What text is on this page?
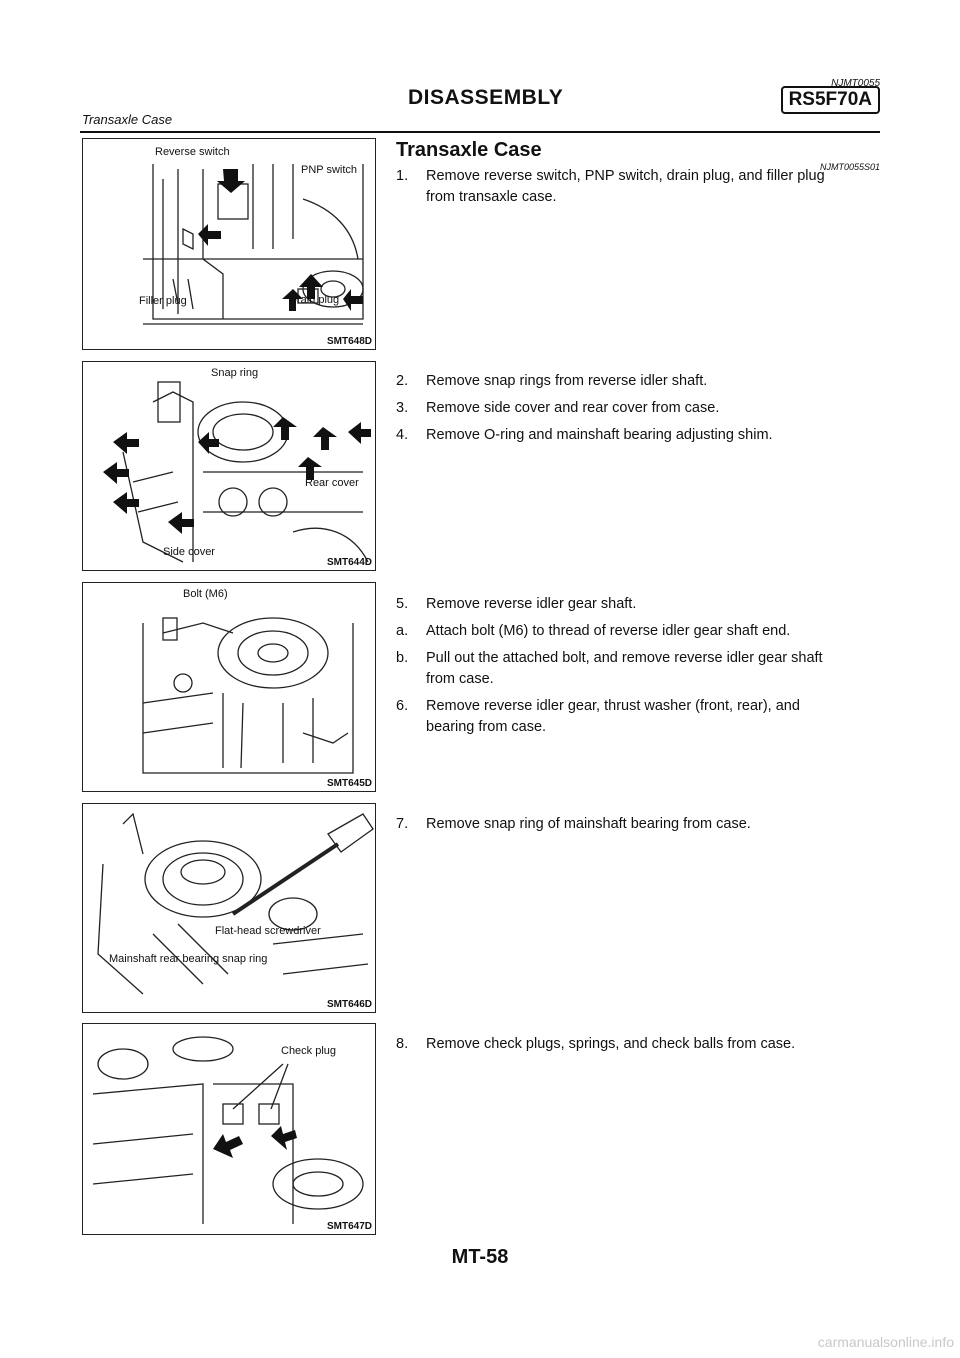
NJMT0055
DISASSEMBLY	RS5F70A
Transaxle Case
Transaxle Case
NJMT0055S01
Reverse switch
PNP switch
Filler plug	Drain plug
SMT648D
Snap ring
Rear cover
Side cover
SMT644D
Bolt (M6)
SMT645D
Flat-head screwdriver
Mainshaft rear bearing snap ring
SMT646D
Check plug
SMT647D
1. Remove reverse switch, PNP switch, drain plug, and filler plug
from transaxle case.
2. Remove snap rings from reverse idler shaft.
3. Remove side cover and rear cover from case.
4. Remove O-ring and mainshaft bearing adjusting shim.
5. Remove reverse idler gear shaft.
a. Attach bolt (M6) to thread of reverse idler gear shaft end.
b. Pull out the attached bolt, and remove reverse idler gear shaft
from case.
6. Remove reverse idler gear, thrust washer (front, rear), and
bearing from case.
7. Remove snap ring of mainshaft bearing from case.
8. Remove check plugs, springs, and check balls from case.
MT-58
carmanualsonline.info
